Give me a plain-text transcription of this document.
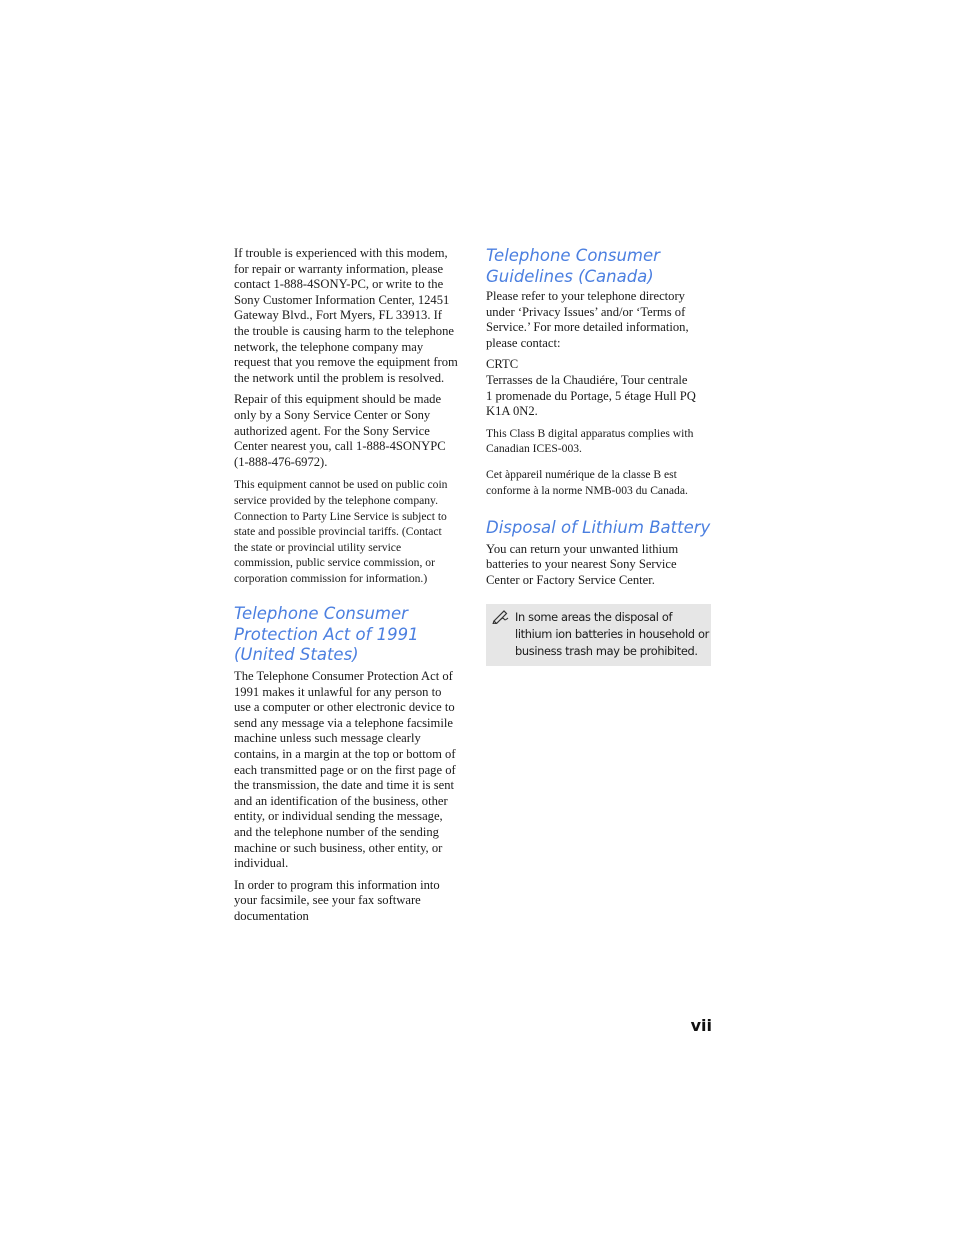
If trouble is experienced with this modem, for repair or warranty information, please contact 1-888-4SONY-PC, or write to the Sony Customer Information Center, 12451 Gateway Blvd., Fort Myers, FL 33913. If the trouble is causing harm to the telephone network, the telephone company may request that you remove the equipment from the network until the problem is resolved.

Repair of this equipment should be made only by a Sony Service Center or Sony authorized agent. For the Sony Service Center nearest you, call 1-888-4SONYPC (1-888-476-6972).

This equipment cannot be used on public coin service provided by the telephone company. Connection to Party Line Service is subject to state and possible provincial tariffs. (Contact the state or provincial utility service commission, public service commission, or corporation commission for information.)

Telephone Consumer Protection Act of 1991 (United States)

The Telephone Consumer Protection Act of 1991 makes it unlawful for any person to use a computer or other electronic device to send any message via a telephone facsimile machine unless such message clearly contains, in a margin at the top or bottom of each transmitted page or on the first page of the transmission, the date and time it is sent and an identification of the business, other entity, or individual sending the message, and the telephone number of the sending machine or such business, other entity, or individual.

In order to program this information into your facsimile, see your fax software documentation

Telephone Consumer Guidelines (Canada)

Please refer to your telephone directory under ‘Privacy Issues’ and/or ‘Terms of Service.’ For more detailed information, please contact:

CRTC

Terrasses de la Chaudiére, Tour centrale

1 promenade du Portage, 5 étage Hull PQ

K1A 0N2.

This Class B digital apparatus complies with Canadian ICES-003.

Cet àppareil numérique de la classe B est conforme à la norme NMB-003 du Canada.

Disposal of Lithium Battery

You can return your unwanted lithium batteries to your nearest Sony Service Center or Factory Service Center.

In some areas the disposal of lithium ion batteries in household or business trash may be prohibited.
vii
